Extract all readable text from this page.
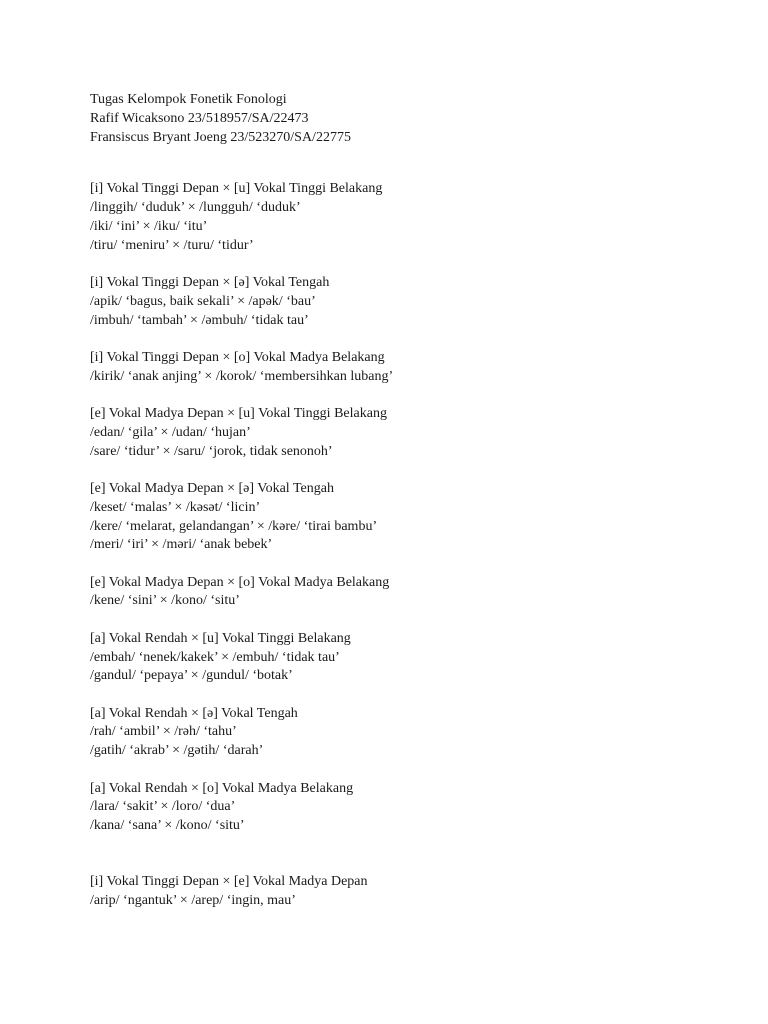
Tugas Kelompok Fonetik Fonologi
Rafif Wicaksono 23/518957/SA/22473
Fransiscus Bryant Joeng 23/523270/SA/22775
[i] Vokal Tinggi Depan × [u] Vokal Tinggi Belakang
/linggih/ ‘duduk’ × /lungguh/ ‘duduk’
/iki/ ‘ini’ × /iku/ ‘itu’
/tiru/ ‘meniru’ × /turu/ ‘tidur’
[i] Vokal Tinggi Depan × [ə] Vokal Tengah
/apik/ ‘bagus, baik sekali’ × /apək/ ‘bau’
/imbuh/ ‘tambah’ × /əmbuh/ ‘tidak tau’
[i] Vokal Tinggi Depan × [o] Vokal Madya Belakang
/kirik/ ‘anak anjing’ × /korok/ ‘membersihkan lubang’
[e] Vokal Madya Depan × [u] Vokal Tinggi Belakang
/edan/ ‘gila’ × /udan/ ‘hujan’
/sare/ ‘tidur’ × /saru/ ‘jorok, tidak senonoh’
[e] Vokal Madya Depan × [ə] Vokal Tengah
/keset/ ‘malas’ × /kəsət/ ‘licin’
/kere/ ‘melarat, gelandangan’ × /kəre/ ‘tirai bambu’
/meri/ ‘iri’ × /məri/ ‘anak bebek’
[e] Vokal Madya Depan × [o] Vokal Madya Belakang
/kene/ ‘sini’ × /kono/ ‘situ’
[a] Vokal Rendah × [u] Vokal Tinggi Belakang
/embah/ ‘nenek/kakek’ × /embuh/ ‘tidak tau’
/gandul/ ‘pepaya’ × /gundul/ ‘botak’
[a] Vokal Rendah × [ə] Vokal Tengah
/rah/ ‘ambil’ × /rəh/ ‘tahu’
/gatih/ ‘akrab’ × /gətih/ ‘darah’
[a] Vokal Rendah × [o] Vokal Madya Belakang
/lara/ ‘sakit’ × /loro/ ‘dua’
/kana/ ‘sana’ × /kono/ ‘situ’
[i] Vokal Tinggi Depan × [e] Vokal Madya Depan
/arip/ ‘ngantuk’ × /arep/ ‘ingin, mau’
